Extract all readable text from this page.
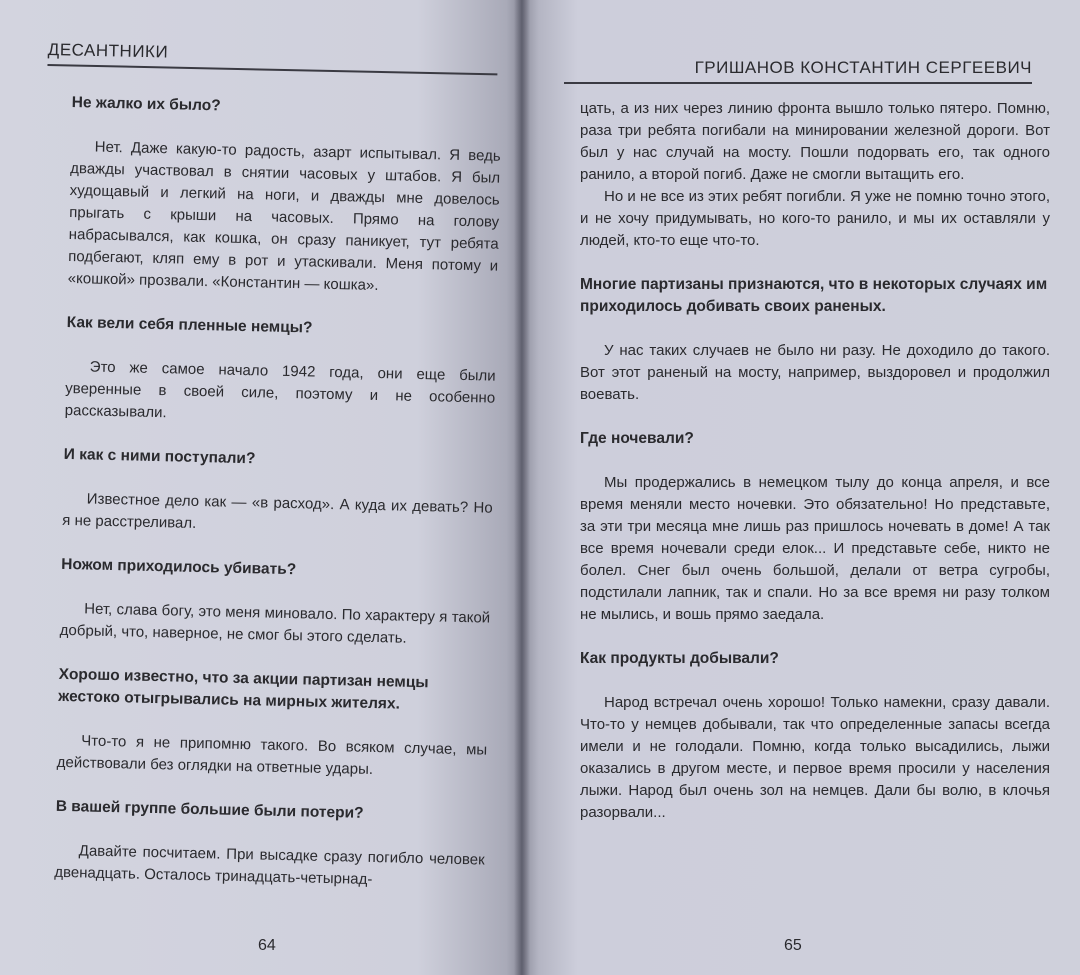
ДЕСАНТНИКИ
Не жалко их было?

Нет. Даже какую-то радость, азарт испытывал. Я ведь дважды участвовал в снятии часовых у штабов. Я был худощавый и легкий на ноги, и дважды мне довелось прыгать с крыши на часовых. Прямо на голову набрасывался, как кошка, он сразу паникует, тут ребята подбегают, кляп ему в рот и утаскивали. Меня потому и «кошкой» прозвали. «Константин — кошка».

Как вели себя пленные немцы?

Это же самое начало 1942 года, они еще были уверенные в своей силе, поэтому и не особенно рассказывали.

И как с ними поступали?

Известное дело как — «в расход». А куда их девать? Но я не расстреливал.

Ножом приходилось убивать?

Нет, слава богу, это меня миновало. По характеру я такой добрый, что, наверное, не смог бы этого сделать.

Хорошо известно, что за акции партизан немцы жестоко отыгрывались на мирных жителях.

Что-то я не припомню такого. Во всяком случае, мы действовали без оглядки на ответные удары.

В вашей группе большие были потери?

Давайте посчитаем. При высадке сразу погибло человек двенадцать. Осталось тринадцать-четырнад-

64
ГРИШАНОВ КОНСТАНТИН СЕРГЕЕВИЧ

цать, а из них через линию фронта вышло только пятеро. Помню, раза три ребята погибали на минировании железной дороги. Вот был у нас случай на мосту. Пошли подорвать его, так одного ранило, а второй погиб. Даже не смогли вытащить его.

Но и не все из этих ребят погибли. Я уже не помню точно этого, и не хочу придумывать, но кого-то ранило, и мы их оставляли у людей, кто-то еще что-то.

Многие партизаны признаются, что в некоторых случаях им приходилось добивать своих раненых.

У нас таких случаев не было ни разу. Не доходило до такого. Вот этот раненый на мосту, например, выздоровел и продолжил воевать.

Где ночевали?

Мы продержались в немецком тылу до конца апреля, и все время меняли место ночевки. Это обязательно! Но представьте, за эти три месяца мне лишь раз пришлось ночевать в доме! А так все время ночевали среди елок... И представьте себе, никто не болел. Снег был очень большой, делали от ветра сугробы, подстилали лапник, так и спали. Но за все время ни разу толком не мылись, и вошь прямо заедала.

Как продукты добывали?

Народ встречал очень хорошо! Только намекни, сразу давали. Что-то у немцев добывали, так что определенные запасы всегда имели и не голодали. Помню, когда только высадились, лыжи оказались в другом месте, и первое время просили у населения лыжи. Народ был очень зол на немцев. Дали бы волю, в клочья разорвали...

65
